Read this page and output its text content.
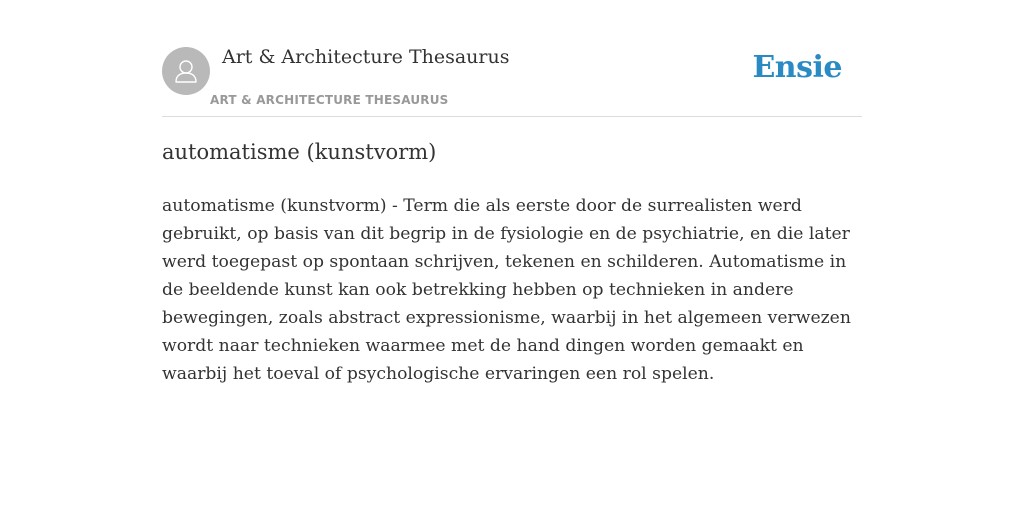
Art & Architecture Thesaurus
ART & ARCHITECTURE THESAURUS
Ensie
automatisme (kunstvorm)

automatisme (kunstvorm) - Term die als eerste door de surrealisten werd gebruikt, op basis van dit begrip in de fysiologie en de psychiatrie, en die later werd toegepast op spontaan schrijven, tekenen en schilderen. Automatisme in de beeldende kunst kan ook betrekking hebben op technieken in andere bewegingen, zoals abstract expressionisme, waarbij in het algemeen verwezen wordt naar technieken waarmee met de hand dingen worden gemaakt en waarbij het toeval of psychologische ervaringen een rol spelen.
